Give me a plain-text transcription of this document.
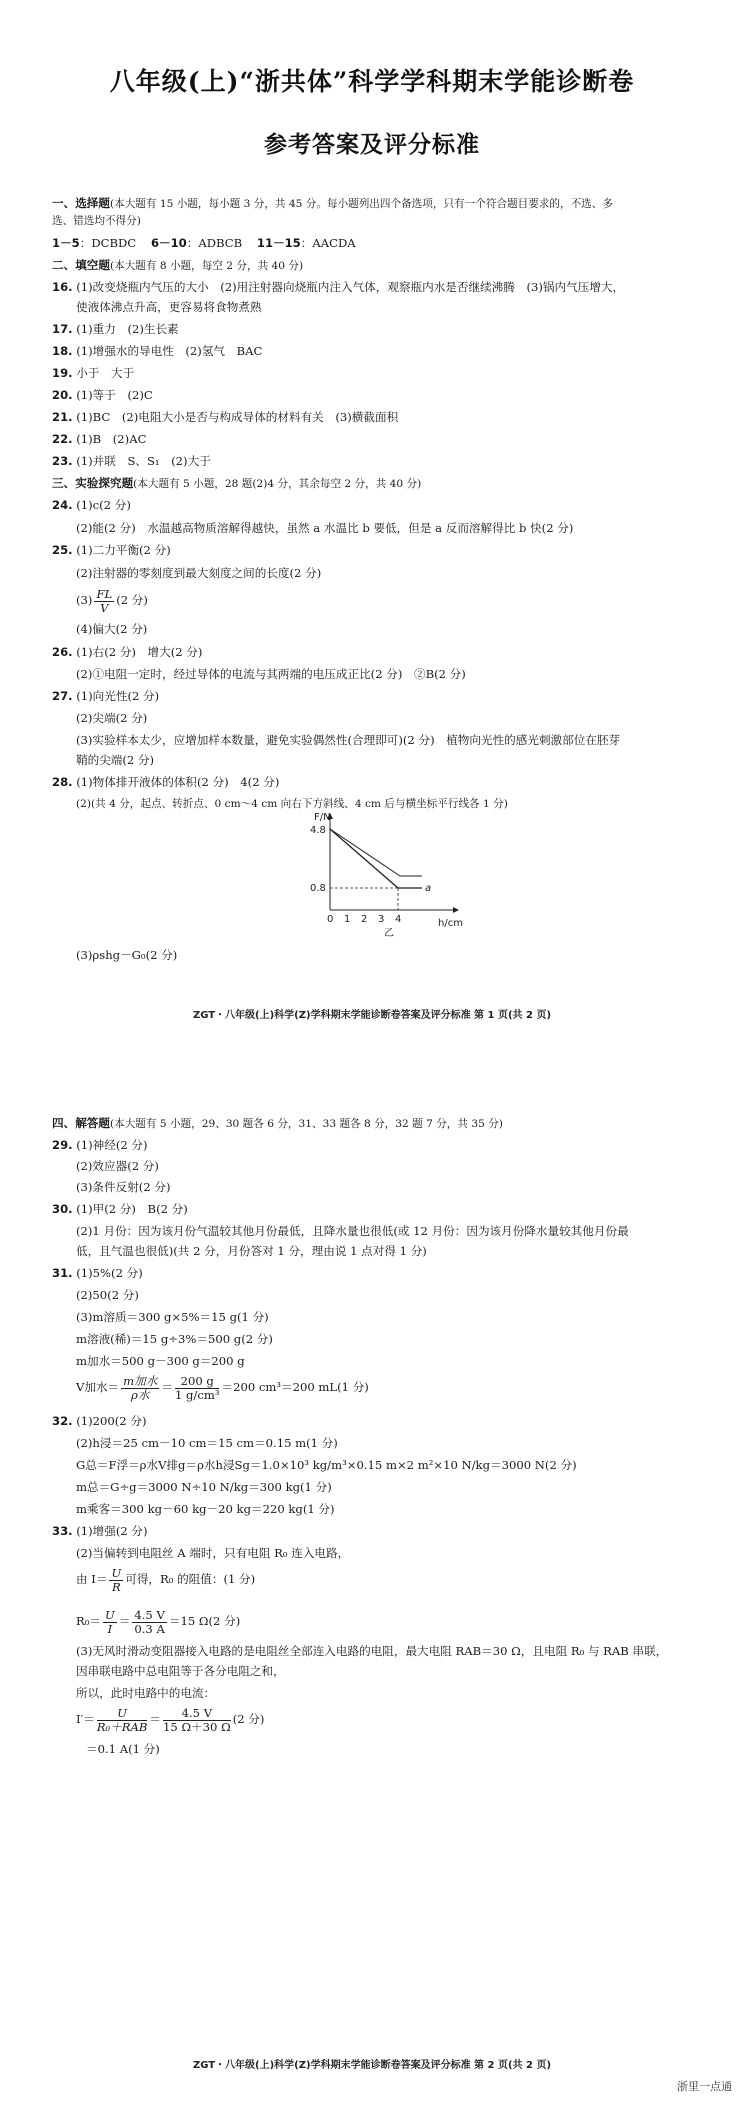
八年级(上)“浙共体”科学学科期末学能诊断卷
参考答案及评分标准
一、选择题(本大题有 15 小题，每小题 3 分，共 45 分。每小题列出四个备选项，只有一个符合题目要求的，不选、多
选、错选均不得分)
1－5：DCBDC 6－10：ADBCB 11－15：AACDA
二、填空题(本大题有 8 小题，每空 2 分，共 40 分)
16. (1)改变烧瓶内气压的大小　(2)用注射器向烧瓶内注入气体，观察瓶内水是否继续沸腾　(3)锅内气压增大，
使液体沸点升高，更容易将食物煮熟
17. (1)重力　(2)生长素
18. (1)增强水的导电性　(2)氢气　BAC
19. 小于　大于
20. (1)等于　(2)C
21. (1)BC　(2)电阻大小是否与构成导体的材料有关　(3)横截面积
22. (1)B　(2)AC
23. (1)并联　S、S₁　(2)大于
三、实验探究题(本大题有 5 小题，28 题(2)4 分，其余每空 2 分，共 40 分)
24. (1)c(2 分)
(2)能(2 分)　水温越高物质溶解得越快，虽然 a 水温比 b 要低，但是 a 反而溶解得比 b 快(2 分)
25. (1)二力平衡(2 分)
(2)注射器的零刻度到最大刻度之间的长度(2 分)
$(3) \frac{FL}{V} (2$ 分)
(4)偏大(2 分)
26. (1)右(2 分)　增大(2 分)
(2)①电阻一定时，经过导体的电流与其两端的电压成正比(2 分)　②B(2 分)
27. (1)向光性(2 分)
(2)尖端(2 分)
(3)实验样本太少，应增加样本数量，避免实验偶然性(合理即可)(2 分)　植物向光性的感光刺激部位在胚芽
鞘的尖端(2 分)
28. (1)物体排开液体的体积(2 分)　4(2 分)
(2)(共 4 分，起点、转折点、0 cm～4 cm 向右下方斜线、4 cm 后与横坐标平行线各 1 分)
F/N
h/cm
4.8
0.8
0 1 2 3 4
a
乙
(3)ρshg－G₀(2 分)
ZGT・八年级(上)科学(Z)学科期末学能诊断卷答案及评分标准 第 1 页(共 2 页)
四、解答题(本大题有 5 小题，29、30 题各 6 分，31、33 题各 8 分，32 题 7 分，共 35 分)
29. (1)神经(2 分)
(2)效应器(2 分)
(3)条件反射(2 分)
30. (1)甲(2 分)　B(2 分)
(2)1 月份：因为该月份气温较其他月份最低，且降水量也很低(或 12 月份：因为该月份降水量较其他月份最
低，且气温也很低)(共 2 分，月份答对 1 分，理由说 1 点对得 1 分)
31. (1)5%(2 分)
(2)50(2 分)
(3)m溶质＝300 g×5%＝15 g(1 分)
m溶液(稀)＝15 g÷3%＝500 g(2 分)
m加水＝500 g－300 g＝200 g
V加水＝ $\frac{\text{m加水}}{\text{ρ水}} = \frac{200 g}{\text{1 g/cm³}} =200$ cm³＝200 mL(1 分)
32. (1)200(2 分)
(2)h浸＝25 cm－10 cm＝15 cm＝0.15 m(1 分)
G总＝F浮＝ρ水V排g＝ρ水h浸Sg＝1.0×10³ kg/m³×0.15 m×2 m²×10 N/kg＝3000 N(2 分)
m总＝G÷g＝3000 N÷10 N/kg＝300 kg(1 分)
m乘客＝300 kg－60 kg－20 kg＝220 kg(1 分)
33. (1)增强(2 分)
(2)当偏转到电阻丝 A 端时，只有电阻 R₀ 连入电路，
由 $I= \frac{U}{R}$ 可得，R₀ 的阻值：(1 分)
$R_0= \frac{U}{I} = \frac{4.5 V}{0.3 A} =15$ Ω(2 分)
(3)无风时滑动变阻器接入电路的是电阻丝全部连入电路的电阻，最大电阻 RAB＝30 Ω，且电阻 R₀ 与 RAB 串联，
因串联电路中总电阻等于各分电阻之和，
所以，此时电路中的电流：
$I'= \frac{U}{\text{R₀＋RAB}} = \frac{4.5 V}{15 \Omega+30 \Omega} (2$ 分)
＝0.1 A(1 分)
ZGT・八年级(上)科学(Z)学科期末学能诊断卷答案及评分标准 第 2 页(共 2 页)
浙里一点通
